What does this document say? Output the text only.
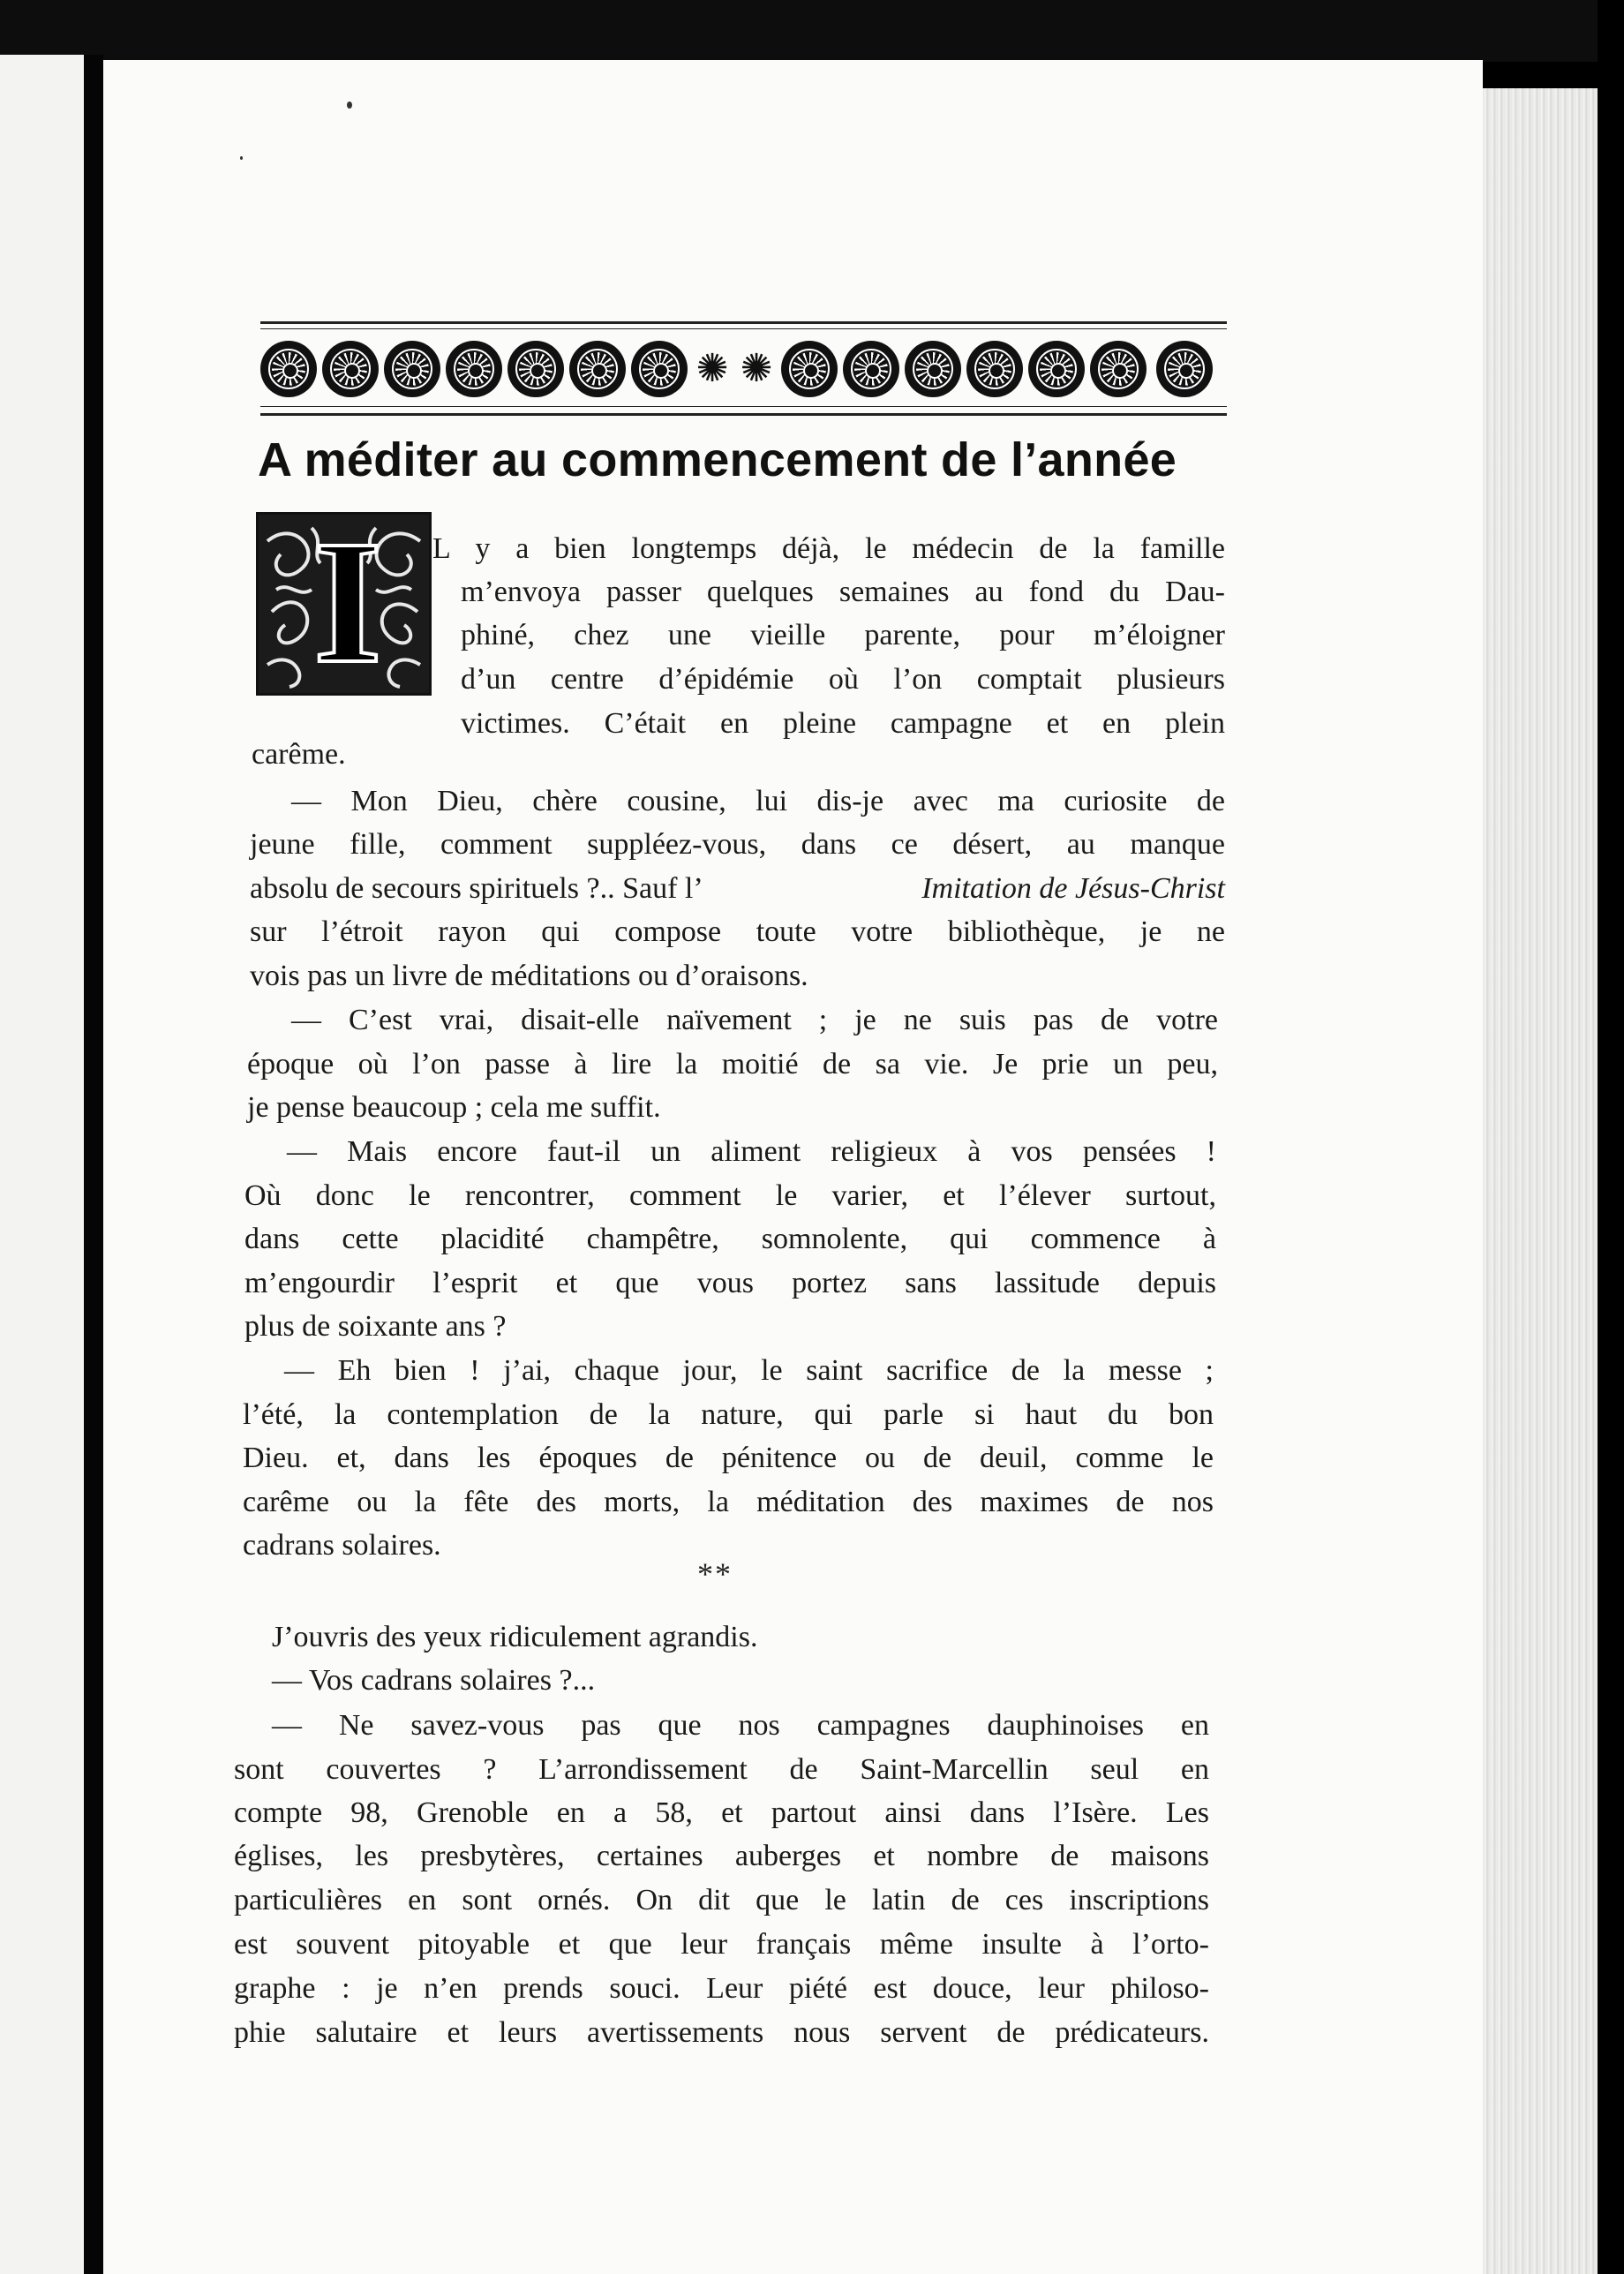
✺ ✺
A méditer au commencement de l’année
I L y a bien longtemps déjà, le médecin de la famille
m’envoya passer quelques semaines au fond du Dau-
phiné, chez une vieille parente, pour m’éloigner
d’un centre d’épidémie où l’on comptait plusieurs
victimes. C’était en pleine campagne et en plein
carême.
— Mon Dieu, chère cousine, lui dis-je avec ma curiosite de
jeune fille, comment suppléez-vous, dans ce désert, au manque
absolu de secours spirituels ?.. Sauf l’	Imitation de Jésus-Christ
sur l’étroit rayon qui compose toute votre bibliothèque, je ne
vois pas un livre de méditations ou d’oraisons.
— C’est vrai, disait-elle naïvement ; je ne suis pas de votre
époque où l’on passe à lire la moitié de sa vie. Je prie un peu,
je pense beaucoup ; cela me suffit.
— Mais encore faut-il un aliment religieux à vos pensées !
Où donc le rencontrer, comment le varier, et l’élever surtout,
dans cette placidité champêtre, somnolente, qui commence à
m’engourdir l’esprit et que vous portez sans lassitude depuis
plus de soixante ans ?
— Eh bien ! j’ai, chaque jour, le saint sacrifice de la messe ;
l’été, la contemplation de la nature, qui parle si haut du bon
Dieu. et, dans les époques de pénitence ou de deuil, comme le
carême ou la fête des morts, la méditation des maximes de nos
cadrans solaires.
**
J’ouvris des yeux ridiculement agrandis.
— Vos cadrans solaires ?...
— Ne savez-vous pas que nos campagnes dauphinoises en
sont couvertes ? L’arrondissement de Saint-Marcellin seul en
compte 98, Grenoble en a 58, et partout ainsi dans l’Isère. Les
églises, les presbytères, certaines auberges et nombre de maisons
particulières en sont ornés. On dit que le latin de ces inscriptions
est souvent pitoyable et que leur français même insulte à l’orto-
graphe : je n’en prends souci. Leur piété est douce, leur philoso-
phie salutaire et leurs avertissements nous servent de prédicateurs.
